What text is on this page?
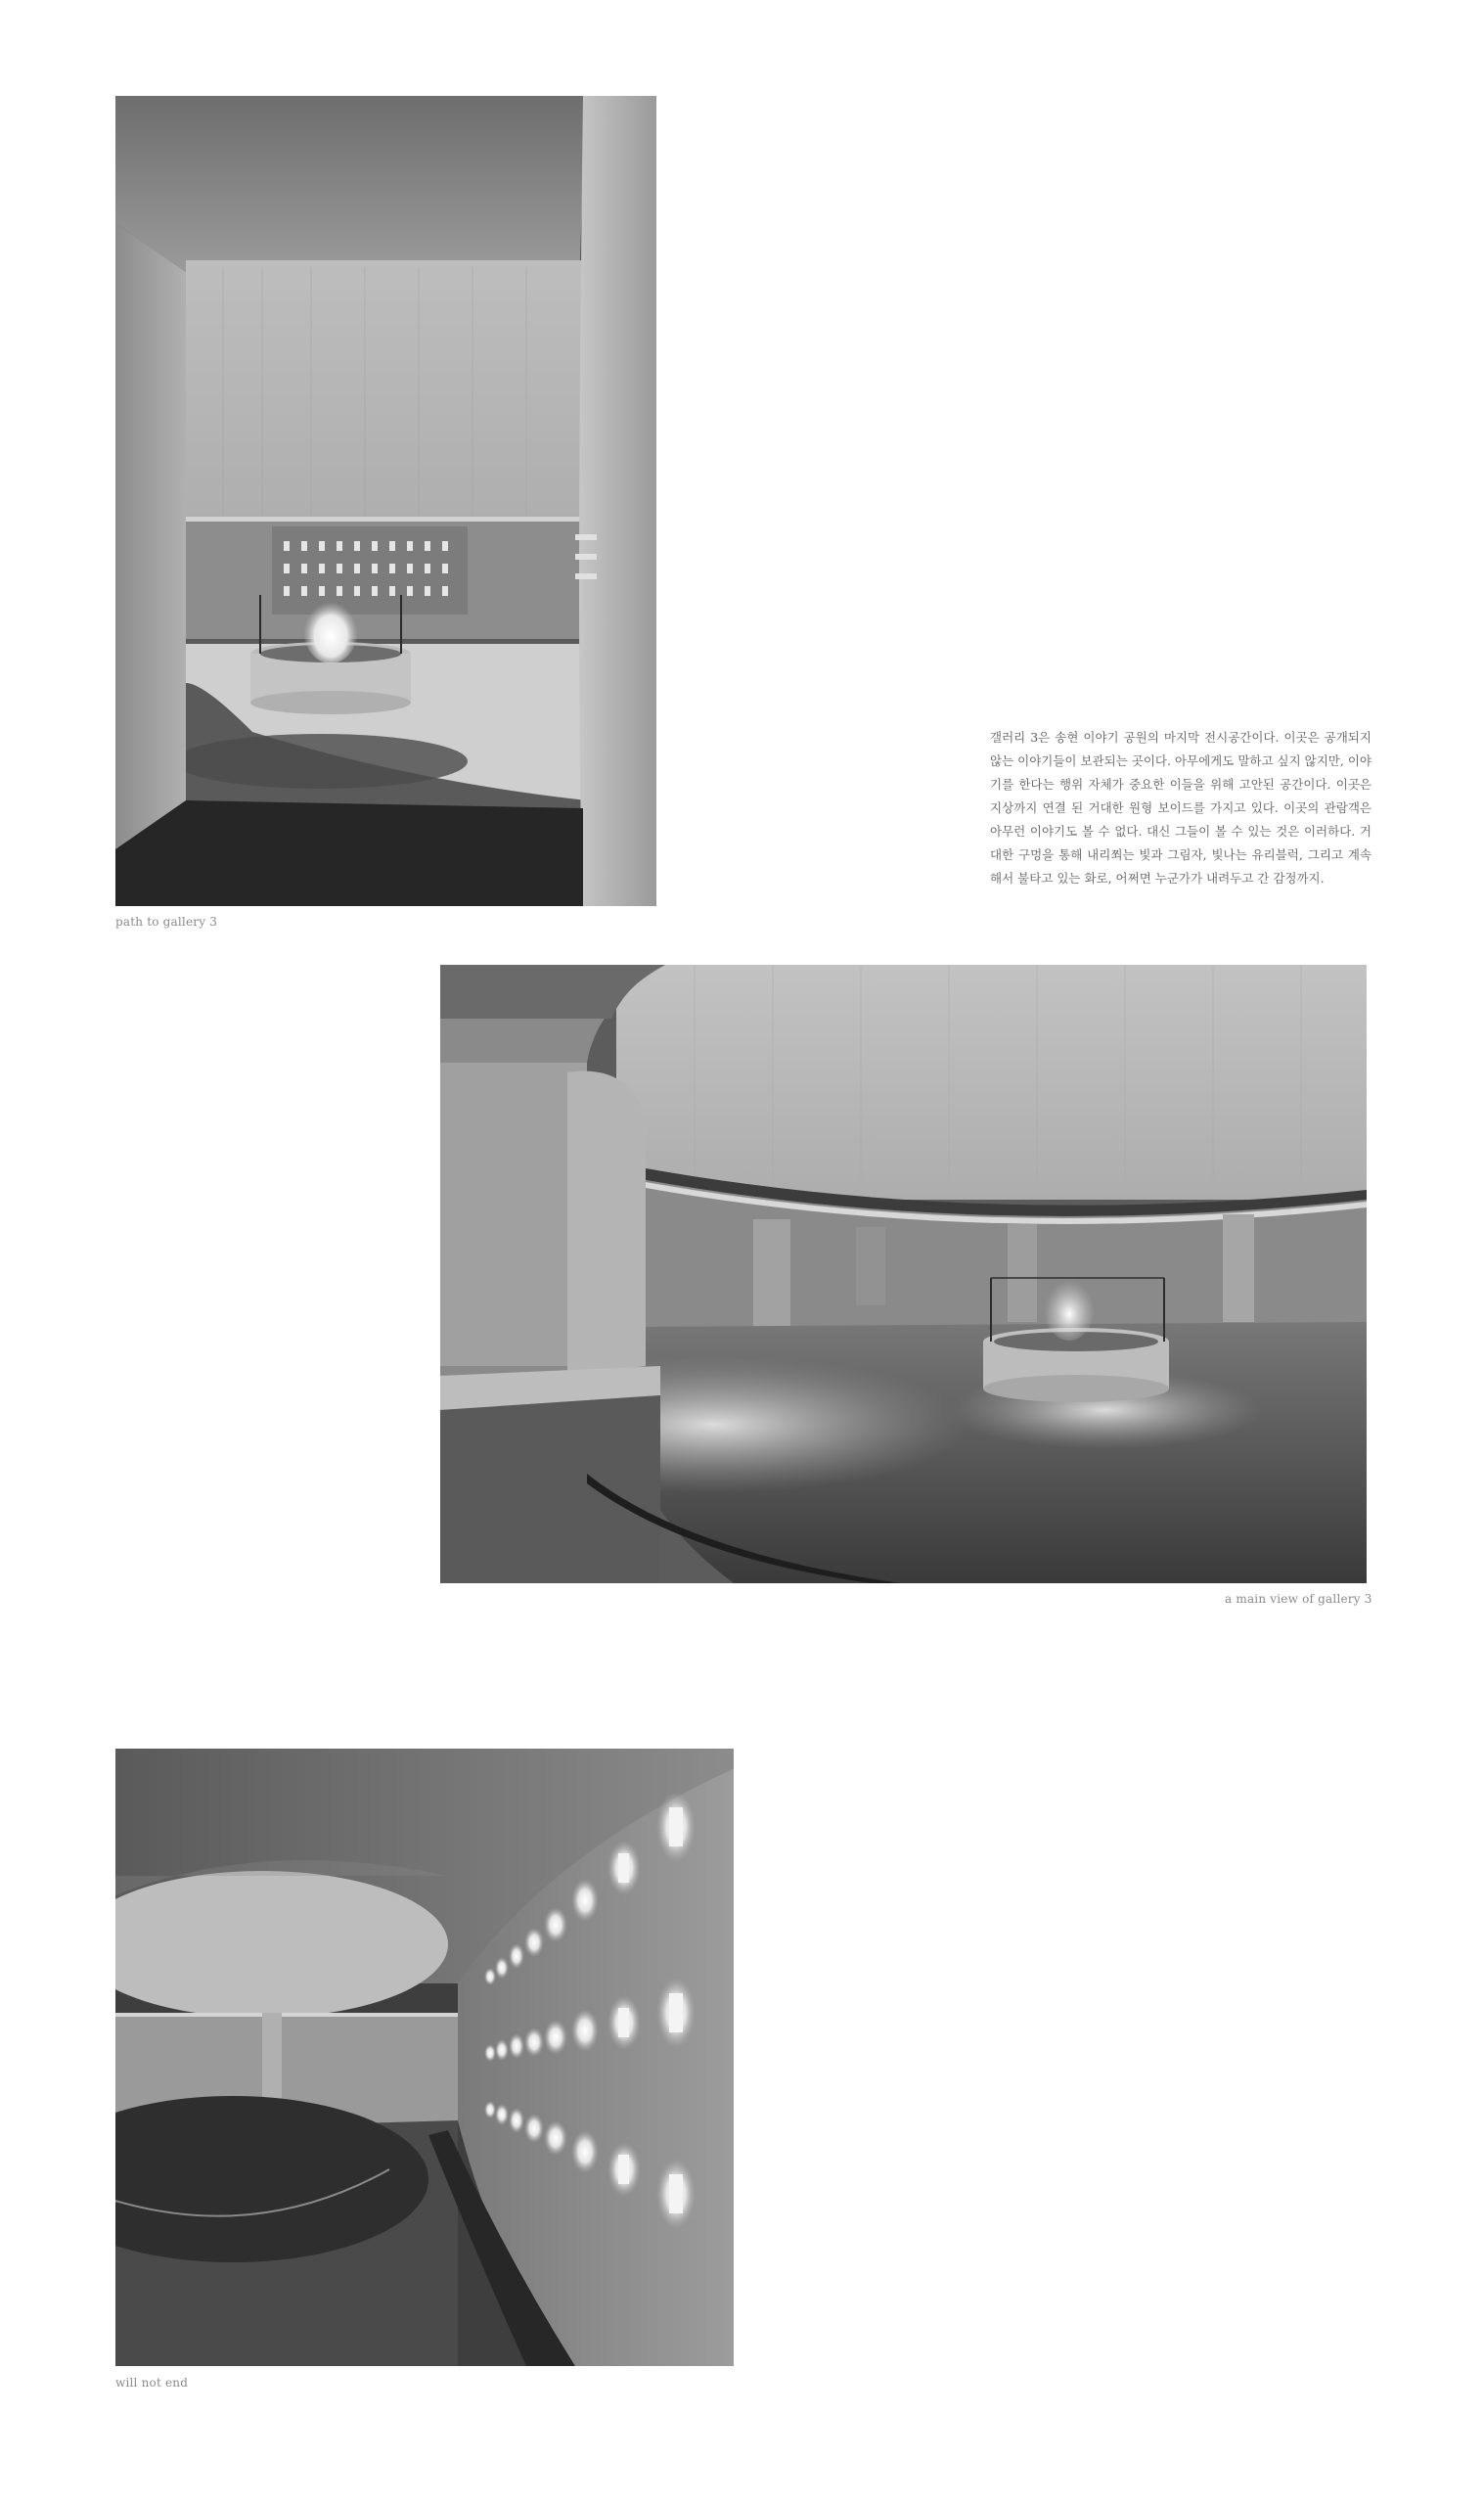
path to gallery 3
갤러리 3은 송현 이야기 공원의 마지막 전시공간이다. 이곳은 공개되지 않는 이야기들이 보관되는 곳이다. 아무에게도 말하고 싶지 않지만, 이야기를 한다는 행위 자체가 중요한 이들을 위해 고안된 공간이다. 이곳은 지상까지 연결 된 거대한 원형 보이드를 가지고 있다. 이곳의 관람객은 아무런 이야기도 볼 수 없다. 대신 그들이 볼 수 있는 것은 이러하다. 거대한 구멍을 통해 내리쬐는 빛과 그림자, 빛나는 유리블럭, 그리고 계속해서 불타고 있는 화로, 어쩌면 누군가가 내려두고 간 감정까지.
a main view of gallery 3
will not end
